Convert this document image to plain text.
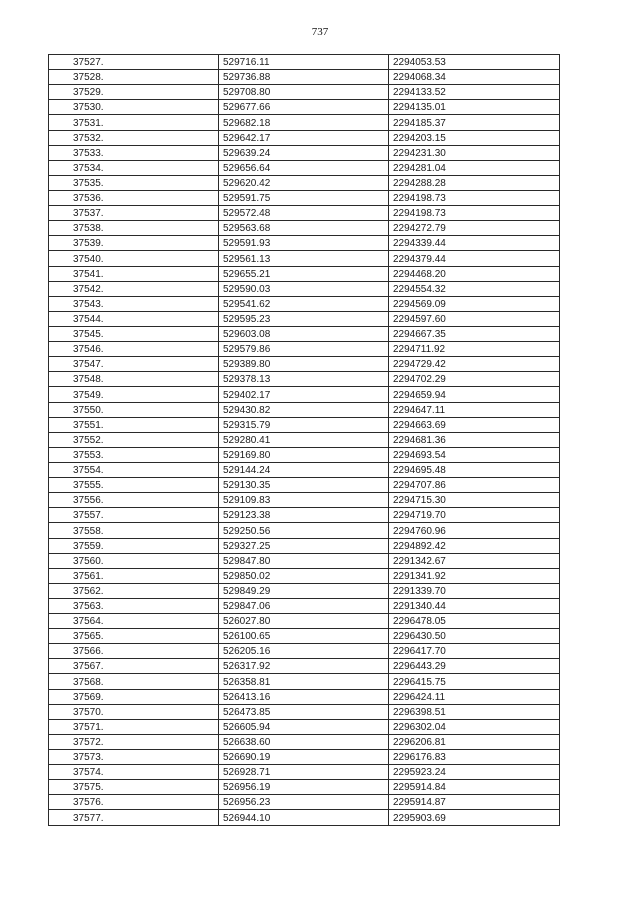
737
37527.	529716.11	2294053.53
37528.	529736.88	2294068.34
37529.	529708.80	2294133.52
37530.	529677.66	2294135.01
37531.	529682.18	2294185.37
37532.	529642.17	2294203.15
37533.	529639.24	2294231.30
37534.	529656.64	2294281.04
37535.	529620.42	2294288.28
37536.	529591.75	2294198.73
37537.	529572.48	2294198.73
37538.	529563.68	2294272.79
37539.	529591.93	2294339.44
37540.	529561.13	2294379.44
37541.	529655.21	2294468.20
37542.	529590.03	2294554.32
37543.	529541.62	2294569.09
37544.	529595.23	2294597.60
37545.	529603.08	2294667.35
37546.	529579.86	2294711.92
37547.	529389.80	2294729.42
37548.	529378.13	2294702.29
37549.	529402.17	2294659.94
37550.	529430.82	2294647.11
37551.	529315.79	2294663.69
37552.	529280.41	2294681.36
37553.	529169.80	2294693.54
37554.	529144.24	2294695.48
37555.	529130.35	2294707.86
37556.	529109.83	2294715.30
37557.	529123.38	2294719.70
37558.	529250.56	2294760.96
37559.	529327.25	2294892.42
37560.	529847.80	2291342.67
37561.	529850.02	2291341.92
37562.	529849.29	2291339.70
37563.	529847.06	2291340.44
37564.	526027.80	2296478.05
37565.	526100.65	2296430.50
37566.	526205.16	2296417.70
37567.	526317.92	2296443.29
37568.	526358.81	2296415.75
37569.	526413.16	2296424.11
37570.	526473.85	2296398.51
37571.	526605.94	2296302.04
37572.	526638.60	2296206.81
37573.	526690.19	2296176.83
37574.	526928.71	2295923.24
37575.	526956.19	2295914.84
37576.	526956.23	2295914.87
37577.	526944.10	2295903.69
